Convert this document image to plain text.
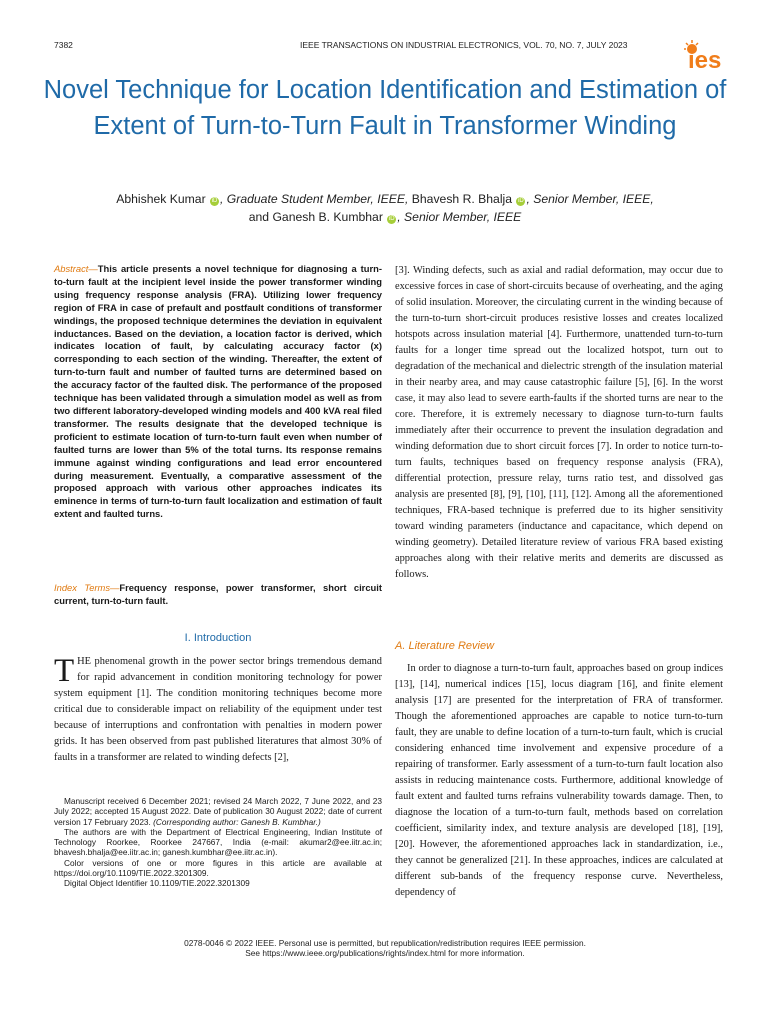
7382	IEEE TRANSACTIONS ON INDUSTRIAL ELECTRONICS, VOL. 70, NO. 7, JULY 2023
ies
Novel Technique for Location Identification and Estimation of Extent of Turn-to-Turn Fault in Transformer Winding
Abhishek Kumar iD , Graduate Student Member, IEEE, Bhavesh R. Bhalja iD , Senior Member, IEEE,
and Ganesh B. Kumbhar iD , Senior Member, IEEE
Abstract—This article presents a novel technique for diagnosing a turn-to-turn fault at the incipient level inside the power transformer winding using frequency response analysis (FRA). Utilizing lower frequency region of FRA in case of prefault and postfault conditions of transformer windings, the proposed technique determines the deviation in equivalent inductances. Based on the deviation, a location factor is derived, which indicates location of fault, by calculating accuracy factor (x) corresponding to each section of the winding. Thereafter, the extent of turn-to-turn fault and number of faulted turns are determined based on the accuracy factor of the faulted disk. The performance of the proposed technique has been validated through a simulation model as well as from two different laboratory-developed winding models and 400 kVA real filed transformer. The results designate that the developed technique is proficient to estimate location of turn-to-turn fault even when number of faulted turns are lower than 5% of the total turns. Its response remains immune against winding configurations and lead error encountered during measurement. Eventually, a comparative assessment of the proposed approach with various other approaches indicates its eminence in terms of turn-to-turn fault localization and estimation of fault extent and faulted turns.
Index Terms—Frequency response, power transformer, short circuit current, turn-to-turn fault.
I. Introduction
THE phenomenal growth in the power sector brings tremendous demand for rapid advancement in condition monitoring technology for power system equipment [1]. The condition monitoring techniques become more critical due to considerable impact on reliability of the equipment under test because of interruptions and confrontation with penalties in modern power grids. It has been observed from past published literatures that almost 30% of faults in a transformer are related to winding defects [2],

Manuscript received 6 December 2021; revised 24 March 2022, 7 June 2022, and 23 July 2022; accepted 15 August 2022. Date of publication 30 August 2022; date of current version 17 February 2023. (Corresponding author: Ganesh B. Kumbhar.)

The authors are with the Department of Electrical Engineering, Indian Institute of Technology Roorkee, Roorkee 247667, India (e-mail: akumar2@ee.iitr.ac.in; bhavesh.bhalja@ee.iitr.ac.in; ganesh.kumbhar@ee.iitr.ac.in).

Color versions of one or more figures in this article are available at https://doi.org/10.1109/TIE.2022.3201309.

Digital Object Identifier 10.1109/TIE.2022.3201309

[3]. Winding defects, such as axial and radial deformation, may occur due to excessive forces in case of short-circuits because of overheating, and the aging of solid insulation. Moreover, the circulating current in the winding because of the turn-to-turn short-circuit produces resistive losses and creates localized hotspots across insulation material [4]. Furthermore, unattended turn-to-turn faults for a longer time spread out the localized hotspot, turn out to degradation of the mechanical and dielectric strength of the insulation material in their nearby area, and may cause catastrophic failure [5], [6]. In the worst case, it may also lead to severe earth-faults if the shorted turns are near to the core. Therefore, it is extremely necessary to diagnose turn-to-turn faults immediately after their occurrence to prevent the insulation degradation and winding deformation due to short circuit forces [7]. In order to notice turn-to-turn faults, techniques based on frequency response analysis (FRA), differential protection, pressure relay, turns ratio test, and dissolved gas analysis are presented [8], [9], [10], [11], [12]. Among all the aforementioned techniques, FRA-based technique is preferred due to its higher sensitivity toward winding parameters (inductance and capacitance, which depend on winding geometry). Detailed literature review of various FRA based existing approaches along with their relative merits and demerits are discussed as follows.

A. Literature Review

In order to diagnose a turn-to-turn fault, approaches based on group indices [13], [14], numerical indices [15], locus diagram [16], and finite element analysis [17] are presented for the interpretation of FRA of transformer. Though the aforementioned approaches are capable to notice turn-to-turn fault, they are unable to define location of a turn-to-turn fault, which is crucial considering enhanced time involvement and expensive procedure of a repairing of transformer. Early assessment of a turn-to-turn fault location also assists in reducing maintenance costs. Furthermore, additional knowledge of fault extent and faulted turns refrains vulnerability towards damage. Then, to diagnose the location of a turn-to-turn fault, methods based on correlation coefficient, similarity index, and texture analysis are developed [18], [19], [20]. However, the aforementioned approaches lack in standardization, i.e., they cannot be generalized [21]. In these approaches, indices are calculated at different sub-bands of the frequency response curve. Nevertheless, dependency of

0278-0046 © 2022 IEEE. Personal use is permitted, but republication/redistribution requires IEEE permission.
See https://www.ieee.org/publications/rights/index.html for more information.
